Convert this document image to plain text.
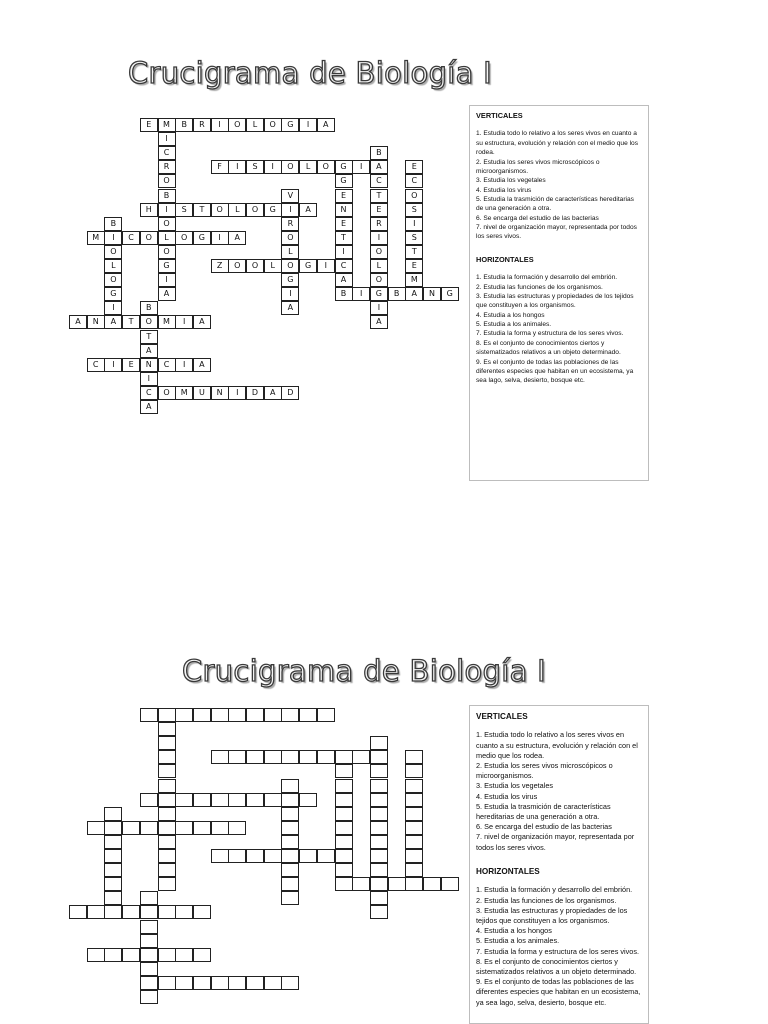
Crucigrama de Biología I
E	M	B	R	I	O	L	O	G	I	A
I
C
R
O
B
I
O
L
O
G
I
A
F	I	S	I	O	L	O	G	I	A
H	S	T	O	L	O	G	I	A
M	I	C	O	O	G	I	A
Z	O	O	L	O	G	I	C
B	I	G	B	A	N	G
A	N	A	T	O	M	I	A
C	I	E	N	C	I	A
C	O	M	U	N	I	D	A	D
B
O
L
O
G
I	B
T
A
I
A
V
R
O
L
G
I
A
G
E
N
E
T
I
A
B
C
T
E
R
I
O
L
O
I
A
E
C
O
S
I
S
T
E
M
VERTICALES
1. Estudia todo lo relativo a los seres vivos en cuanto a su estructura, evolución y relación con el medio que los rodea.
2. Estudia los seres vivos microscópicos o microorganismos.
3. Estudia los vegetales
4. Estudia los virus
5. Estudia la trasmición de características hereditarias de una generación a otra.
6. Se encarga del estudio de las bacterias
7. nivel de organización mayor, representada por todos los seres vivos.
HORIZONTALES
1. Estudia la formación y desarrollo del embrión.
2. Estudia las funciones de los organismos.
3. Estudia las estructuras y propiedades de los tejidos que constituyen a los organismos.
4. Estudia a los hongos
5. Estudia a los animales.
7. Estudia la forma y estructura de los seres vivos.
8. Es el conjunto de conocimientos ciertos y sistematizados relativos a un objeto determinado.
9. Es el conjunto de todas las poblaciones de las diferentes especies que habitan en un ecosistema, ya sea lago, selva, desierto, bosque etc.
Crucigrama de Biología I
VERTICALES
1. Estudia todo lo relativo a los seres vivos en cuanto a su estructura, evolución y relación con el medio que los rodea.
2. Estudia los seres vivos microscópicos o microorganismos.
3. Estudia los vegetales
4. Estudia los virus
5. Estudia la trasmición de características hereditarias de una generación a otra.
6. Se encarga del estudio de las bacterias
7. nivel de organización mayor, representada por todos los seres vivos.
HORIZONTALES
1. Estudia la formación y desarrollo del embrión.
2. Estudia las funciones de los organismos.
3. Estudia las estructuras y propiedades de los tejidos que constituyen a los organismos.
4. Estudia a los hongos
5. Estudia a los animales.
7. Estudia la forma y estructura de los seres vivos.
8. Es el conjunto de conocimientos ciertos y sistematizados relativos a un objeto determinado.
9. Es el conjunto de todas las poblaciones de las diferentes especies que habitan en un ecosistema, ya sea lago, selva, desierto, bosque etc.
